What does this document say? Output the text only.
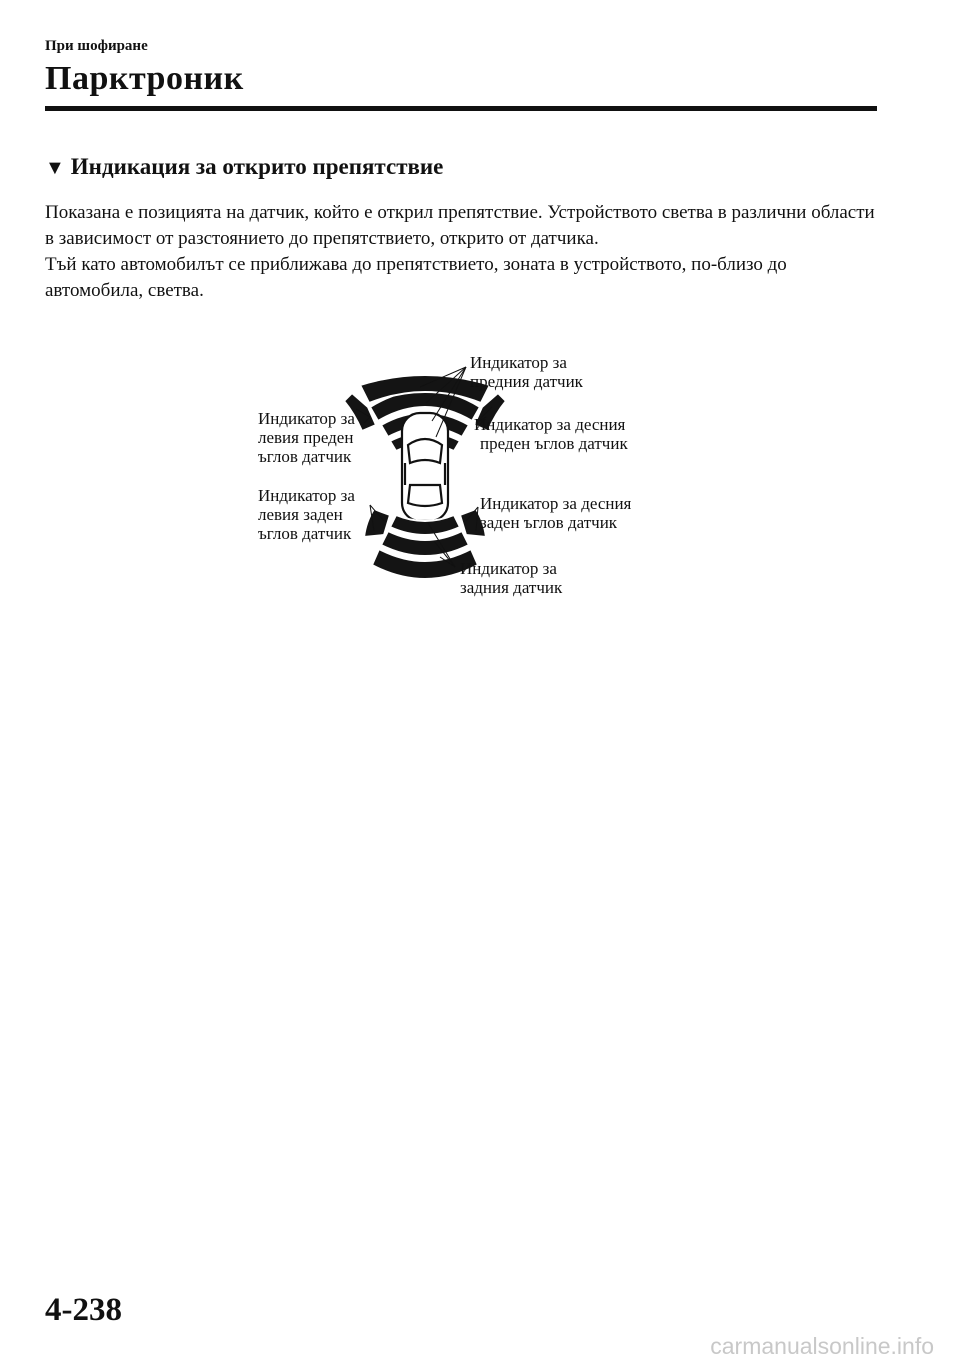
При шофиране
Парктроник
▼ Индикация за открито препятствие

Показана е позицията на датчик, който е открил препятствие. Устройството светва в различни области в зависимост от разстоянието до препятствието, открито от датчика.

Тъй като автомобилът се приближава до препятствието, зоната в устройството, по-близо до автомобила, светва.

Индикатор за
предния датчик
Индикатор за десния
преден ъглов датчик
Индикатор за
левия преден
ъглов датчик
Индикатор за
левия заден
ъглов датчик
Индикатор за десния
заден ъглов датчик
Индикатор за
задния датчик
4-238
carmanualsonline.info
